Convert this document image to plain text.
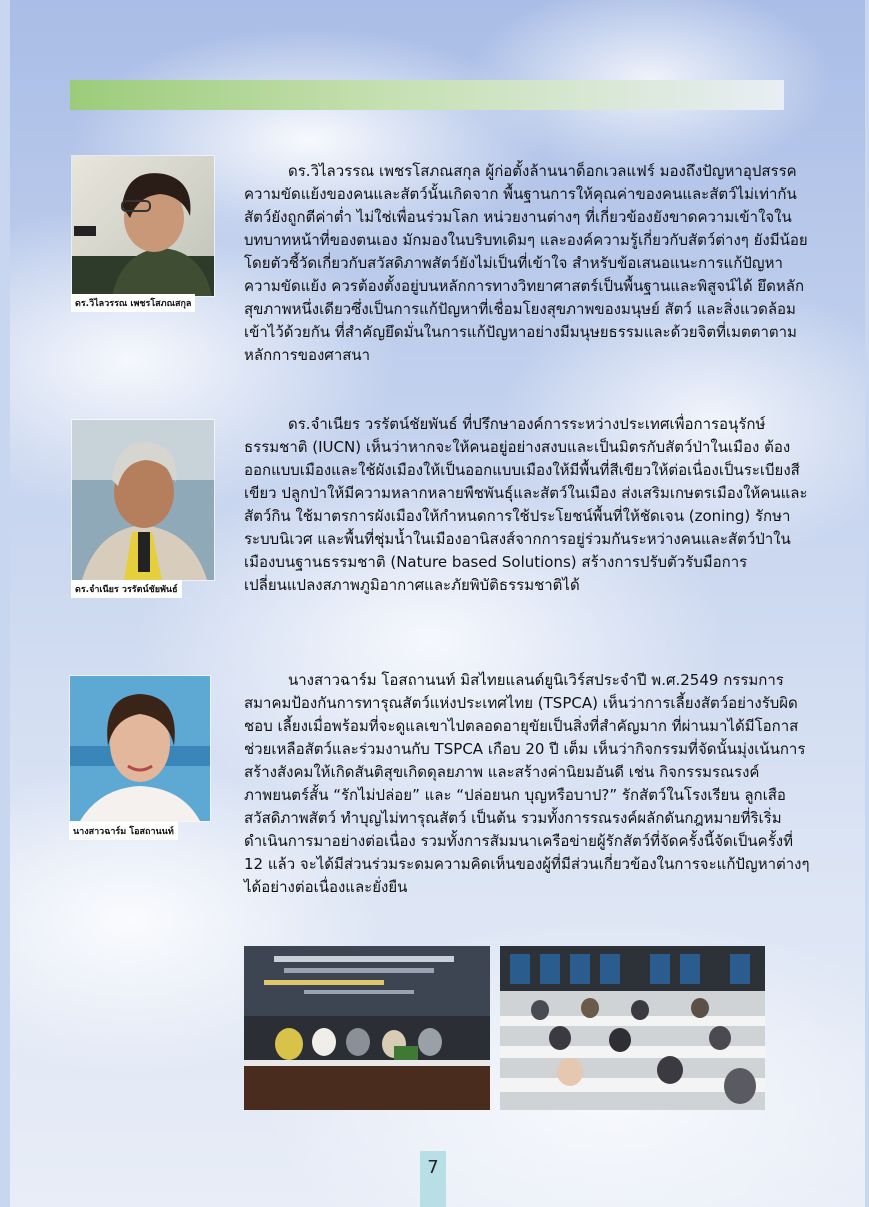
ดร.วิไลวรรณ เพชรโสภณสกุล
ดร.จำเนียร วรรัตน์ชัยพันธ์
นางสาวฉาร์ม โอสถานนท์

ดร.วิไลวรรณ เพชรโสภณสกุล ผู้ก่อตั้งล้านนาด็อกเวลแฟร์ มองถึงปัญหาอุปสรรคความขัดแย้งของคนและสัตว์นั้นเกิดจาก พื้นฐานการให้คุณค่าของคนและสัตว์ไม่เท่ากัน สัตว์ยังถูกตีค่าต่ำ ไม่ใช่เพื่อนร่วมโลก หน่วยงานต่างๆ ที่เกี่ยวข้องยังขาดความเข้าใจในบทบาทหน้าที่ของตนเอง มักมองในบริบทเดิมๆ และองค์ความรู้เกี่ยวกับสัตว์ต่างๆ ยังมีน้อย โดยตัวชี้วัดเกี่ยวกับสวัสดิภาพสัตว์ยังไม่เป็นที่เข้าใจ สำหรับข้อเสนอแนะการแก้ปัญหาความขัดแย้ง ควรต้องตั้งอยู่บนหลักการทางวิทยาศาสตร์เป็นพื้นฐานและพิสูจน์ได้ ยึดหลักสุขภาพหนึ่งเดียวซึ่งเป็นการแก้ปัญหาที่เชื่อมโยงสุขภาพของมนุษย์ สัตว์ และสิ่งแวดล้อมเข้าไว้ด้วยกัน ที่สำคัญยึดมั่นในการแก้ปัญหาอย่างมีมนุษยธรรมและด้วยจิตที่เมตตาตามหลักการของศาสนา

ดร.จำเนียร วรรัตน์ชัยพันธ์ ที่ปรึกษาองค์การระหว่างประเทศเพื่อการอนุรักษ์ธรรมชาติ (IUCN) เห็นว่าหากจะให้คนอยู่อย่างสงบและเป็นมิตรกับสัตว์ป่าในเมือง ต้องออกแบบเมืองและใช้ผังเมืองให้เป็นออกแบบเมืองให้มีพื้นที่สีเขียวให้ต่อเนื่องเป็นระเบียงสีเขียว ปลูกป่าให้มีความหลากหลายพืชพันธุ์และสัตว์ในเมือง ส่งเสริมเกษตรเมืองให้คนและสัตว์กิน ใช้มาตรการผังเมืองให้กำหนดการใช้ประโยชน์พื้นที่ให้ชัดเจน (zoning) รักษาระบบนิเวศ และพื้นที่ชุ่มน้ำในเมืองอานิสงส์จากการอยู่ร่วมกันระหว่างคนและสัตว์ป่าในเมืองบนฐานธรรมชาติ (Nature based Solutions) สร้างการปรับตัวรับมือการเปลี่ยนแปลงสภาพภูมิอากาศและภัยพิบัติธรรมชาติได้

นางสาวฉาร์ม โอสถานนท์ มิสไทยแลนด์ยูนิเวิร์สประจำปี พ.ศ.2549 กรรมการสมาคมป้องกันการทารุณสัตว์แห่งประเทศไทย (TSPCA) เห็นว่าการเลี้ยงสัตว์อย่างรับผิดชอบ เลี้ยงเมื่อพร้อมที่จะดูแลเขาไปตลอดอายุขัยเป็นสิ่งที่สำคัญมาก ที่ผ่านมาได้มีโอกาสช่วยเหลือสัตว์และร่วมงานกับ TSPCA เกือบ 20 ปี เต็ม เห็นว่ากิจกรรมที่จัดนั้นมุ่งเน้นการสร้างสังคมให้เกิดสันติสุขเกิดดุลยภาพ และสร้างค่านิยมอันดี เช่น กิจกรรมรณรงค์ภาพยนตร์สั้น “รักไม่ปล่อย” และ “ปล่อยนก บุญหรือบาป?” รักสัตว์ในโรงเรียน ลูกเสือสวัสดิภาพสัตว์ ทำบุญไม่ทารุณสัตว์ เป็นต้น รวมทั้งการรณรงค์ผลักดันกฎหมายที่ริเริ่มดำเนินการมาอย่างต่อเนื่อง รวมทั้งการสัมมนาเครือข่ายผู้รักสัตว์ที่จัดครั้งนี้จัดเป็นครั้งที่ 12 แล้ว จะได้มีส่วนร่วมระดมความคิดเห็นของผู้ที่มีส่วนเกี่ยวข้องในการจะแก้ปัญหาต่างๆ ได้อย่างต่อเนื่องและยั่งยืน

7
